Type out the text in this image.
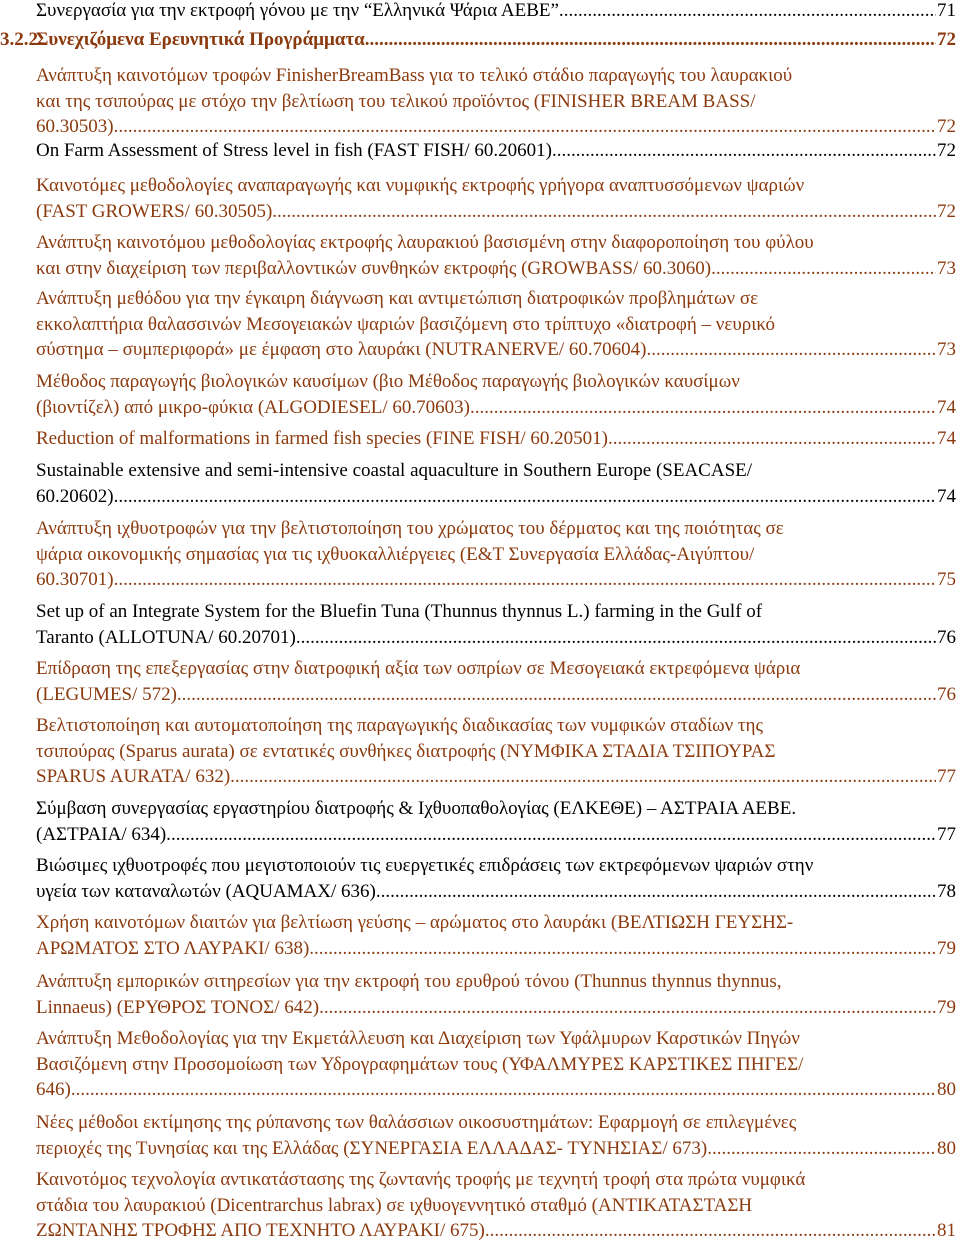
Συνεργασία για την εκτροφή γόνου με την “Ελληνικά Ψάρια ΑΕΒΕ”. .....	71
3.2.2.Συνεχιζόμενα Ερευνητικά Προγράμματα .....	72
Ανάπτυξη καινοτόμων τροφών FinisherBreamBass για το τελικό στάδιο παραγωγής του λαυρακιού
και της τσιπούρας με στόχο την βελτίωση του τελικού προϊόντος (FINISHER BREAM BASS/
60.30503). .....	72
On Farm Assessment of Stress level in fish (FAST FISH/ 60.20601). .....	72
Καινοτόμες μεθοδολογίες αναπαραγωγής και νυμφικής εκτροφής γρήγορα αναπτυσσόμενων ψαριών
(FAST GROWERS/ 60.30505) .....	72
Ανάπτυξη καινοτόμου μεθοδολογίας εκτροφής λαυρακιού βασισμένη στην διαφοροποίηση του φύλου
και στην διαχείριση των περιβαλλοντικών συνθηκών εκτροφής (GROWBASS/ 60.3060). .....	73
Ανάπτυξη μεθόδου για την έγκαιρη διάγνωση και αντιμετώπιση διατροφικών προβλημάτων σε
εκκολαπτήρια θαλασσινών Μεσογειακών ψαριών βασιζόμενη στο τρίπτυχο «διατροφή – νευρικό
σύστημα – συμπεριφορά» με έμφαση στο λαυράκι (NUTRANERVE/ 60.70604). .....	73
Μέθοδος παραγωγής βιολογικών καυσίμων (βιο Μέθοδος παραγωγής βιολογικών καυσίμων
(βιοντίζελ) από μικρο-φύκια (ALGODIESEL/ 60.70603). .....	74
Reduction of malformations in farmed fish species (FINE FISH/ 60.20501) .....	74
Sustainable extensive and semi-intensive coastal aquaculture in Southern Europe (SEACASE/
60.20602) .....	74
Ανάπτυξη ιχθυοτροφών για την βελτιστοποίηση του χρώματος του δέρματος και της ποιότητας σε
ψάρια οικονομικής σημασίας για τις ιχθυοκαλλιέργειες (E&T Συνεργασία Ελλάδας-Αιγύπτου/
60.30701). .....	75
Set up of an Integrate System for the Bluefin Tuna (Thunnus thynnus L.) farming in the Gulf of
Taranto (ALLOTUNA/ 60.20701) .....	76
Επίδραση της επεξεργασίας στην διατροφική αξία των οσπρίων σε Μεσογειακά εκτρεφόμενα ψάρια
(LEGUMES/ 572). .....	76
Βελτιστοποίηση και αυτοματοποίηση της παραγωγικής διαδικασίας των νυμφικών σταδίων της
τσιπούρας (Sparus aurata) σε εντατικές συνθήκες διατροφής (ΝΥΜΦΙΚΑ ΣΤΑΔΙΑ ΤΣΙΠΟΥΡΑΣ
SPARUS AURATA/ 632). .....	77
Σύμβαση συνεργασίας εργαστηρίου διατροφής & Ιχθυοπαθολογίας (ΕΛΚΕΘΕ) – ΑΣΤΡΑΙΑ ΑΕΒΕ.
(ΑΣΤΡΑΙΑ/ 634). .....	77
Βιώσιμες ιχθυοτροφές που μεγιστοποιούν τις ευεργετικές επιδράσεις των εκτρεφόμενων ψαριών στην
υγεία των καταναλωτών (AQUAMAX/ 636). .....	78
Χρήση καινοτόμων διαιτών για βελτίωση γεύσης – αρώματος στο λαυράκι (ΒΕΛΤΙΩΣΗ ΓΕΥΣΗΣ-
ΑΡΩΜΑΤΟΣ ΣΤΟ ΛΑΥΡΑΚΙ/ 638). .....	79
Ανάπτυξη εμπορικών σιτηρεσίων για την εκτροφή του ερυθρού τόνου (Thunnus thynnus thynnus,
Linnaeus) (ΕΡΥΘΡΟΣ ΤΟΝΟΣ/ 642) .....	79
Ανάπτυξη Μεθοδολογίας για την Εκμετάλλευση και Διαχείριση των Υφάλμυρων Καρστικών Πηγών
Βασιζόμενη στην Προσομοίωση των Υδρογραφημάτων τους (ΥΦΑΛΜΥΡΕΣ ΚΑΡΣΤΙΚΕΣ ΠΗΓΕΣ/
646). .....	80
Νέες μέθοδοι εκτίμησης της ρύπανσης των θαλάσσιων οικοσυστημάτων: Εφαρμογή σε επιλεγμένες
περιοχές της Τυνησίας και της Ελλάδας (ΣΥΝΕΡΓΑΣΙΑ ΕΛΛΑΔΑΣ- ΤΥΝΗΣΙΑΣ/ 673). .....	80
Καινοτόμος τεχνολογία αντικατάστασης της ζωντανής τροφής με τεχνητή τροφή στα πρώτα νυμφικά
στάδια του λαυρακιού (Dicentrarchus labrax) σε ιχθυογεννητικό σταθμό (ΑΝΤΙΚΑΤΑΣΤΑΣΗ
ΖΩΝΤΑΝΗΣ ΤΡΟΦΗΣ ΑΠΟ ΤΕΧΝΗΤΟ ΛΑΥΡΑΚΙ/ 675). .....	81
